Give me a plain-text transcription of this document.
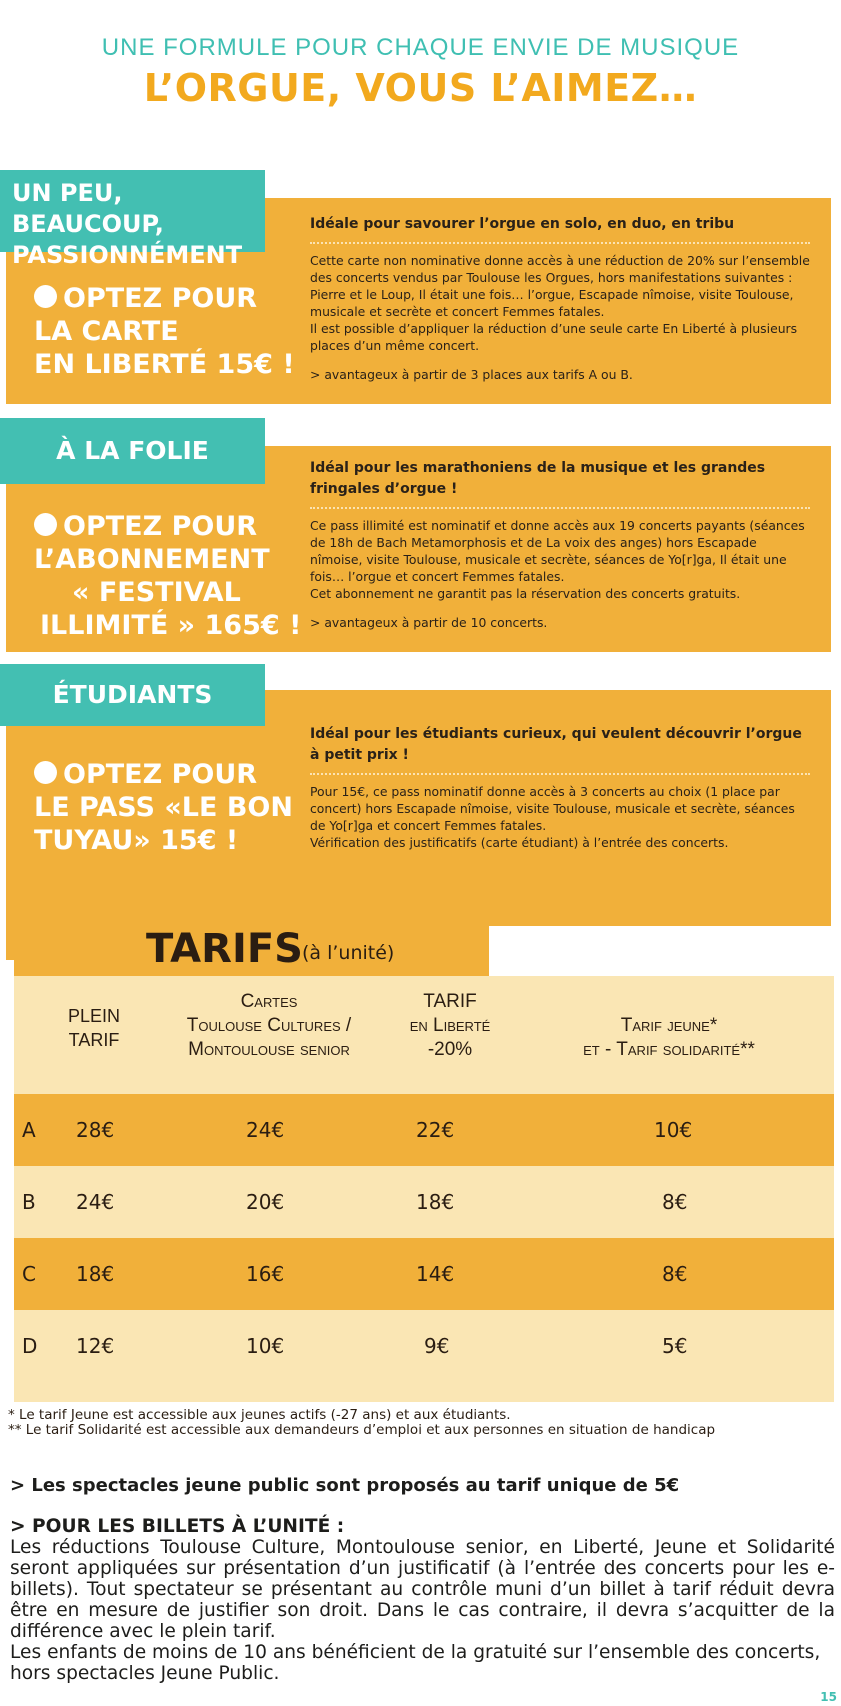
UNE FORMULE POUR CHAQUE ENVIE DE MUSIQUE
L’ORGUE, VOUS L’AIMEZ…
UN PEU, BEAUCOUP,
PASSIONNÉMENT
OPTEZ POUR
LA CARTE
EN LIBERTÉ 15€ !
Idéale pour savourer l’orgue en solo, en duo, en tribu

Cette carte non nominative donne accès à une réduction de 20% sur l’ensemble des concerts vendus par Toulouse les Orgues, hors manifestations suivantes : Pierre et le Loup, Il était une fois… l’orgue, Escapade nîmoise, visite Toulouse, musicale et secrète et concert Femmes fatales.

Il est possible d’appliquer la réduction d’une seule carte En Liberté à plusieurs places d’un même concert.

> avantageux à partir de 3 places aux tarifs A ou B.

À LA FOLIE
OPTEZ POUR
L’ABONNEMENT
« FESTIVAL
ILLIMITÉ » 165€ !
Idéal pour les marathoniens de la musique et les grandes fringales d’orgue !

Ce pass illimité est nominatif et donne accès aux 19 concerts payants (séances de 18h de Bach Metamorphosis et de La voix des anges) hors Escapade nîmoise, visite Toulouse, musicale et secrète, séances de Yo[r]ga, Il était une fois… l’orgue et concert Femmes fatales.

Cet abonnement ne garantit pas la réservation des concerts gratuits.

> avantageux à partir de 10 concerts.

ÉTUDIANTS
OPTEZ POUR
LE PASS «LE BON
TUYAU» 15€ !
Idéal pour les étudiants curieux, qui veulent découvrir l’orgue à petit prix !

Pour 15€, ce pass nominatif donne accès à 3 concerts au choix (1 place par concert) hors Escapade nîmoise, visite Toulouse, musicale et secrète, séances de Yo[r]ga et concert Femmes fatales.

Vérification des justificatifs (carte étudiant) à l’entrée des concerts.

TARIFS (à l’unité)
PLEIN
TARIF
Cartes
Toulouse Cultures /
Montoulouse senior
TARIF
en Liberté
-20%
Tarif jeune*
et - Tarif solidarité**
A 28€	24€	22€	10€
B 24€	20€	18€	8€
C 18€	16€	14€	8€
D 12€	10€	9€	5€
* Le tarif Jeune est accessible aux jeunes actifs (-27 ans) et aux étudiants.
** Le tarif Solidarité est accessible aux demandeurs d’emploi et aux personnes en situation de handicap
> Les spectacles jeune public sont proposés au tarif unique de 5€
> POUR LES BILLETS À L’UNITÉ :
Les réductions Toulouse Culture, Montoulouse senior, en Liberté, Jeune et Solidarité seront appliquées sur présentation d’un justificatif (à l’entrée des concerts pour les e-billets). Tout spectateur se présentant au contrôle muni d’un billet à tarif réduit devra être en mesure de justifier son droit. Dans le cas contraire, il devra s’acquitter de la différence avec le plein tarif.
Les enfants de moins de 10 ans bénéficient de la gratuité sur l’ensemble des concerts, hors spectacles Jeune Public.
15
